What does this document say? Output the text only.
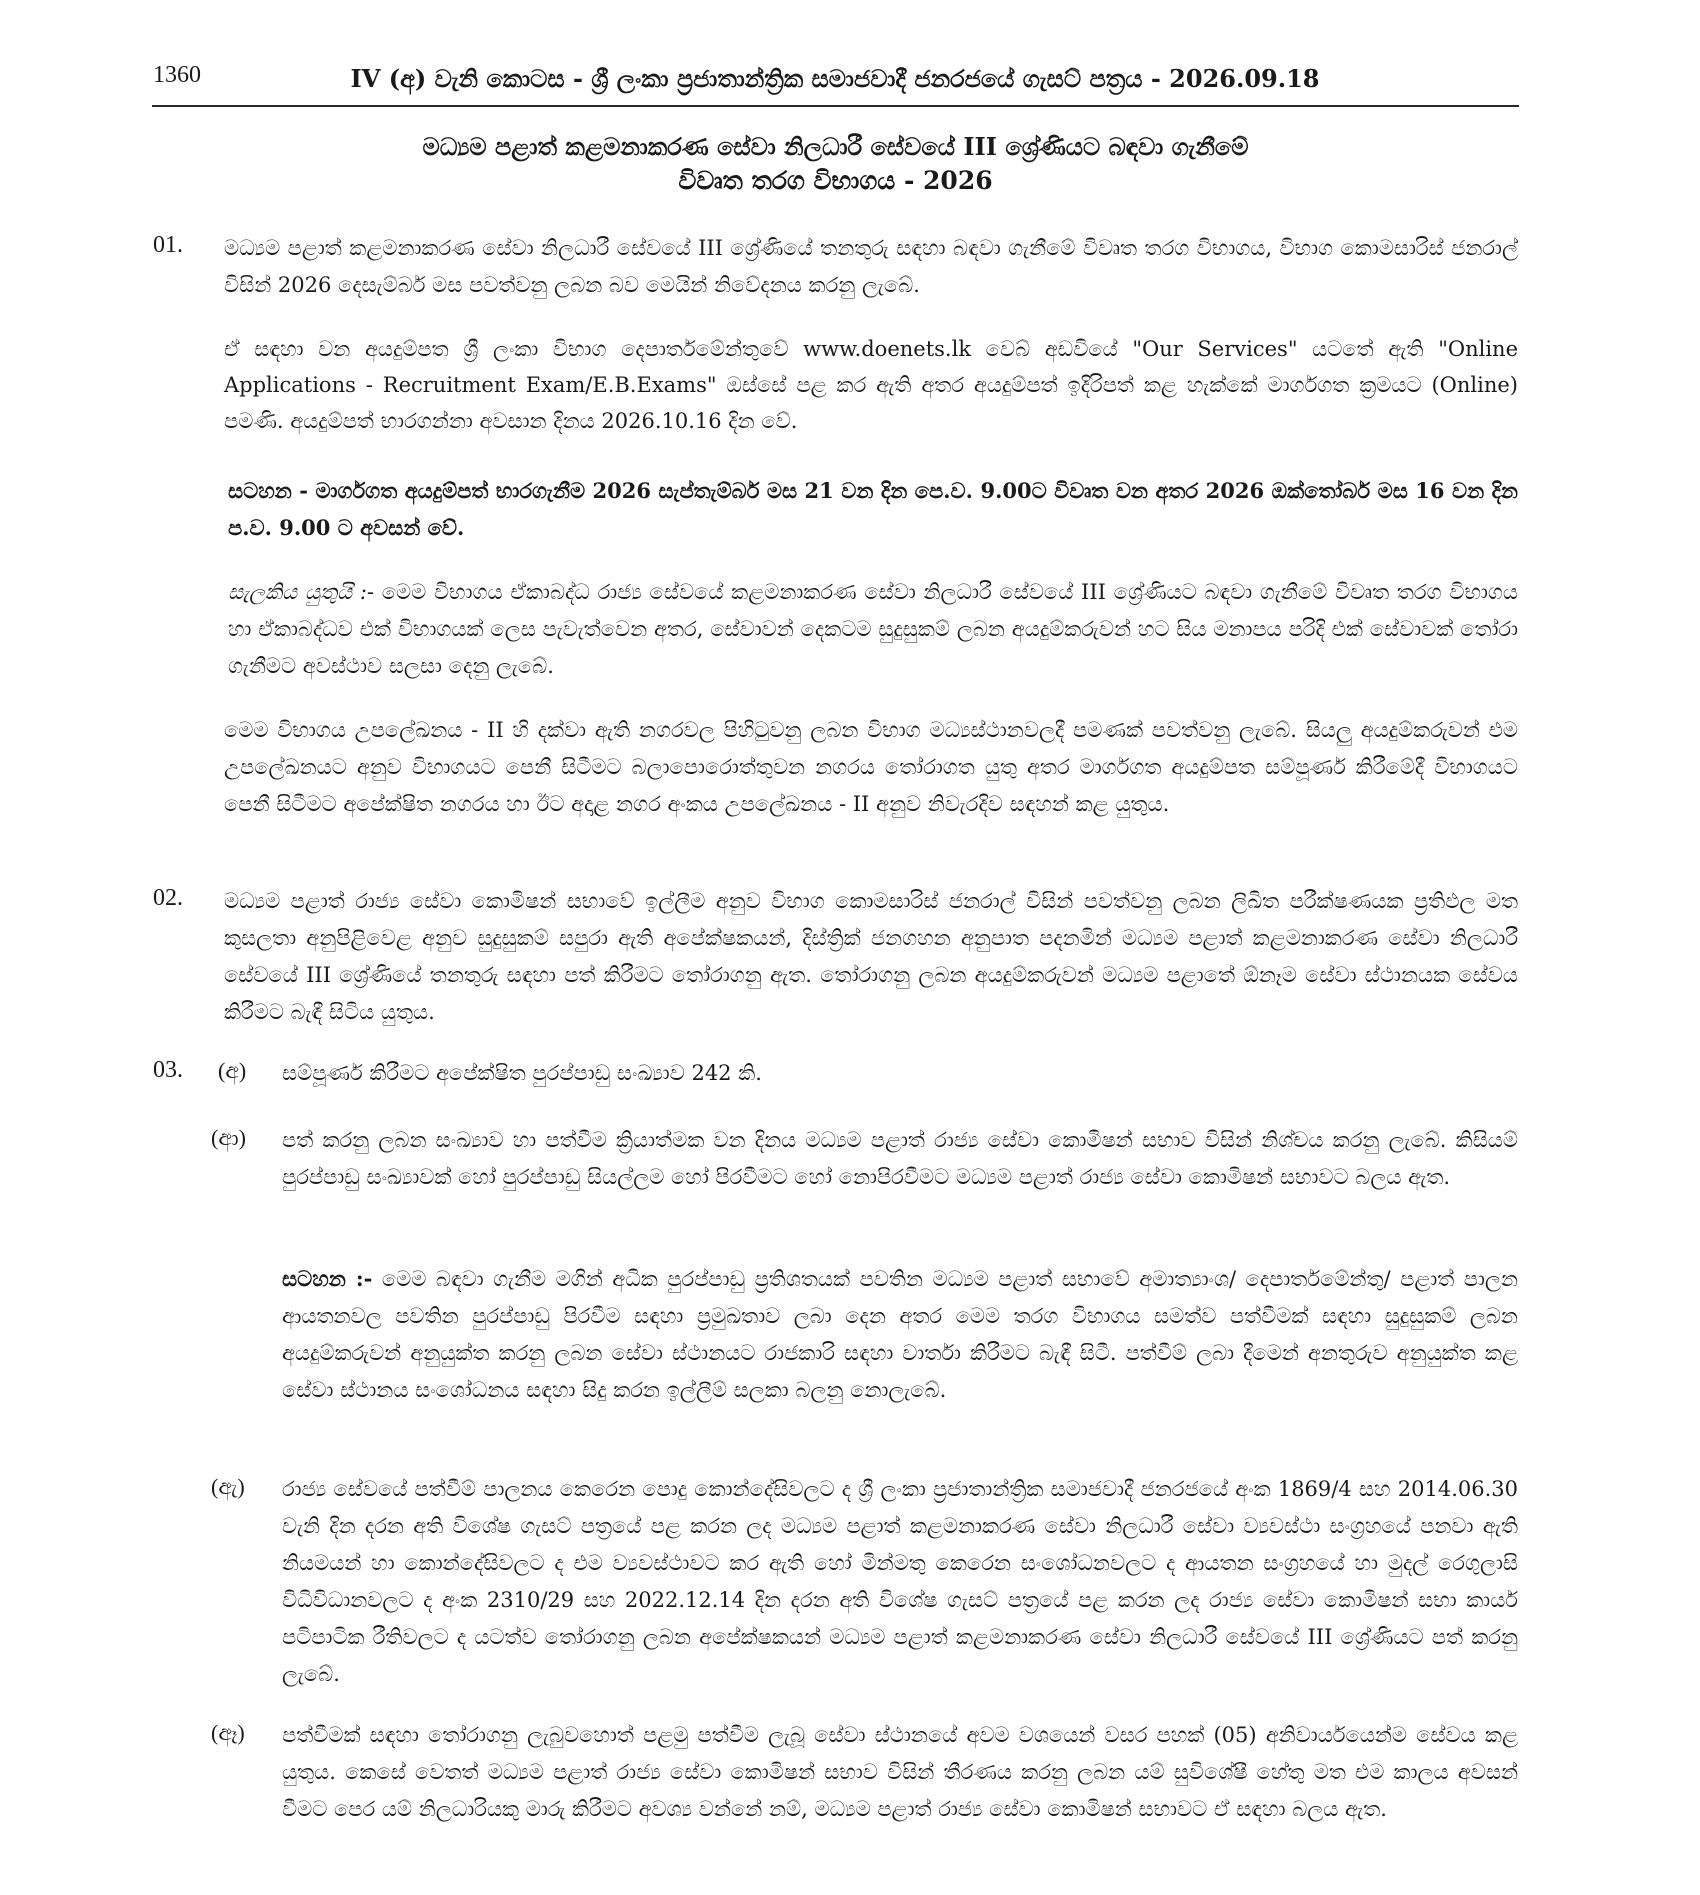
1360	IV (අ) වැනි කොටස - ශ්‍රී ලංකා ප්‍රජාතාන්ත්‍රික සමාජවාදී ජනරජයේ ගැසට් පත්‍රය - 2026.09.18
මධ්‍යම පළාත් කළමනාකරණ සේවා නිලධාරී සේවයේ III ශ්‍රේණියට බඳවා ගැනීමේ
විවෘත තරග විභාගය - 2026
01. මධ්‍යම පළාත් කළමනාකරණ සේවා නිලධාරී සේවයේ III ශ්‍රේණියේ තනතුරු සඳහා බඳවා ගැනීමේ විවෘත තරග විභාගය, විභාග කොමසාරිස් ජනරාල් විසින් 2026 දෙසැම්බර් මස පවත්වනු ලබන බව මෙයින් නිවේදනය කරනු ලැබේ.
ඒ සඳහා වන අයදුම්පත ශ්‍රී ලංකා විභාග දෙපාර්තමේන්තුවේ www.doenets.lk වෙබ් අඩවියේ "Our Services" යටතේ ඇති "Online Applications - Recruitment Exam/E.B.Exams" ඔස්සේ පළ කර ඇති අතර අයදුම්පත් ඉදිරිපත් කළ හැක්කේ මාර්ගගත ක්‍රමයට (Online) පමණි. අයදුම්පත් භාරගන්නා අවසාන දිනය 2026.10.16 දින වේ.
සටහන - මාර්ගගත අයදුම්පත් භාරගැනීම 2026 සැප්තැම්බර් මස 21 වන දින පෙ.ව. 9.00ට විවෘත වන අතර 2026 ඔක්තෝබර් මස 16 වන දින ප.ව. 9.00 ට අවසන් වේ.
සැලකිය යුතුයි :- මෙම විභාගය ඒකාබද්ධ රාජ්‍ය සේවයේ කළමනාකරණ සේවා නිලධාරී සේවයේ III ශ්‍රේණියට බඳවා ගැනීමේ විවෘත තරග විභාගය හා ඒකාබද්ධව එක් විභාගයක් ලෙස පැවැත්වෙන අතර, සේවාවන් දෙකටම සුදුසුකම් ලබන අයදුම්කරුවන් හට සිය මනාපය පරිදි එක් සේවාවක් තෝරා ගැනීමට අවස්ථාව සලසා දෙනු ලැබේ.
මෙම විභාගය උපලේඛනය - II හි දක්වා ඇති නගරවල පිහිටුවනු ලබන විභාග මධ්‍යස්ථානවලදී පමණක් පවත්වනු ලැබේ. සියලු අයදුම්කරුවන් එම උපලේඛනයට අනුව විභාගයට පෙනී සිටීමට බලාපොරොත්තුවන නගරය තෝරාගත යුතු අතර මාර්ගගත අයදුම්පත සම්පූර්ණ කිරීමේදී විභාගයට පෙනී සිටීමට අපේක්ෂිත නගරය හා ඊට අදාළ නගර අංකය උපලේඛනය - II අනුව නිවැරදිව සඳහන් කළ යුතුය.
02. මධ්‍යම පළාත් රාජ්‍ය සේවා කොමිෂන් සභාවේ ඉල්ලීම අනුව විභාග කොමසාරිස් ජනරාල් විසින් පවත්වනු ලබන ලිඛිත පරීක්ෂණයක ප්‍රතිඵල මත කුසලතා අනුපිළිවෙළ අනුව සුදුසුකම් සපුරා ඇති අපේක්ෂකයන්, දිස්ත්‍රික් ජනගහන අනුපාත පදනමින් මධ්‍යම පළාත් කළමනාකරණ සේවා නිලධාරී සේවයේ III ශ්‍රේණියේ තනතුරු සඳහා පත් කිරීමට තෝරාගනු ඇත. තෝරාගනු ලබන අයදුම්කරුවන් මධ්‍යම පළාතේ ඕනෑම සේවා ස්ථානයක සේවය කිරීමට බැඳී සිටිය යුතුය.
03. (අ) සම්පූර්ණ කිරීමට අපේක්ෂිත පුරප්පාඩු සංඛ්‍යාව 242 කි.
(ආ) පත් කරනු ලබන සංඛ්‍යාව හා පත්වීම ක්‍රියාත්මක වන දිනය මධ්‍යම පළාත් රාජ්‍ය සේවා කොමිෂන් සභාව විසින් නිශ්චය කරනු ලැබේ. කිසියම් පුරප්පාඩු සංඛ්‍යාවක් හෝ පුරප්පාඩු සියල්ලම හෝ පිරවීමට හෝ නොපිරවීමට මධ්‍යම පළාත් රාජ්‍ය සේවා කොමිෂන් සභාවට බලය ඇත.
සටහන :- මෙම බඳවා ගැනීම මගින් අධික පුරප්පාඩු ප්‍රතිශතයක් පවතින මධ්‍යම පළාත් සභාවේ අමාත්‍යාංශ/ දෙපාර්තමේන්තු/ පළාත් පාලන ආයතනවල පවතින පුරප්පාඩු පිරවීම සඳහා ප්‍රමුඛතාව ලබා දෙන අතර මෙම තරග විභාගය සමත්ව පත්වීමක් සඳහා සුදුසුකම් ලබන අයදුම්කරුවන් අනුයුක්ත කරනු ලබන සේවා ස්ථානයට රාජකාරි සඳහා වාර්තා කිරීමට බැඳී සිටී. පත්වීම් ලබා දීමෙන් අනතුරුව අනුයුක්ත කළ සේවා ස්ථානය සංශෝධනය සඳහා සිදු කරන ඉල්ලීම් සලකා බලනු නොලැබේ.
(ඇ) රාජ්‍ය සේවයේ පත්වීම් පාලනය කෙරෙන පොදු කොන්දේසිවලට ද ශ්‍රී ලංකා ප්‍රජාතාන්ත්‍රික සමාජවාදී ජනරජයේ අංක 1869/4 සහ 2014.06.30 වැනි දින දරන අති විශේෂ ගැසට් පත්‍රයේ පළ කරන ලද මධ්‍යම පළාත් කළමනාකරණ සේවා නිලධාරී සේවා ව්‍යවස්ථා සංග්‍රහයේ පනවා ඇති නියමයන් හා කොන්දේසිවලට ද එම ව්‍යවස්ථාවට කර ඇති හෝ මින්මතු කෙරෙන සංශෝධනවලට ද ආයතන සංග්‍රහයේ හා මුදල් රෙගුලාසි විධිවිධානවලට ද අංක 2310/29 සහ 2022.12.14 දින දරන අති විශේෂ ගැසට් පත්‍රයේ පළ කරන ලද රාජ්‍ය සේවා කොමිෂන් සභා කාර්ය පටිපාටික රීතිවලට ද යටත්ව තෝරාගනු ලබන අපේක්ෂකයන් මධ්‍යම පළාත් කළමනාකරණ සේවා නිලධාරී සේවයේ III ශ්‍රේණියට පත් කරනු ලැබේ.
(ඈ) පත්වීමක් සඳහා තෝරාගනු ලැබුවහොත් පළමු පත්වීම ලැබූ සේවා ස්ථානයේ අවම වශයෙන් වසර පහක් (05) අනිවාර්යයෙන්ම සේවය කළ යුතුය. කෙසේ වෙතත් මධ්‍යම පළාත් රාජ්‍ය සේවා කොමිෂන් සභාව විසින් තීරණය කරනු ලබන යම් සුවිශේෂී හේතු මත එම කාලය අවසන් වීමට පෙර යම් නිලධාරියකු මාරු කිරීමට අවශ්‍ය වන්නේ නම්, මධ්‍යම පළාත් රාජ්‍ය සේවා කොමිෂන් සභාවට ඒ සඳහා බලය ඇත.
